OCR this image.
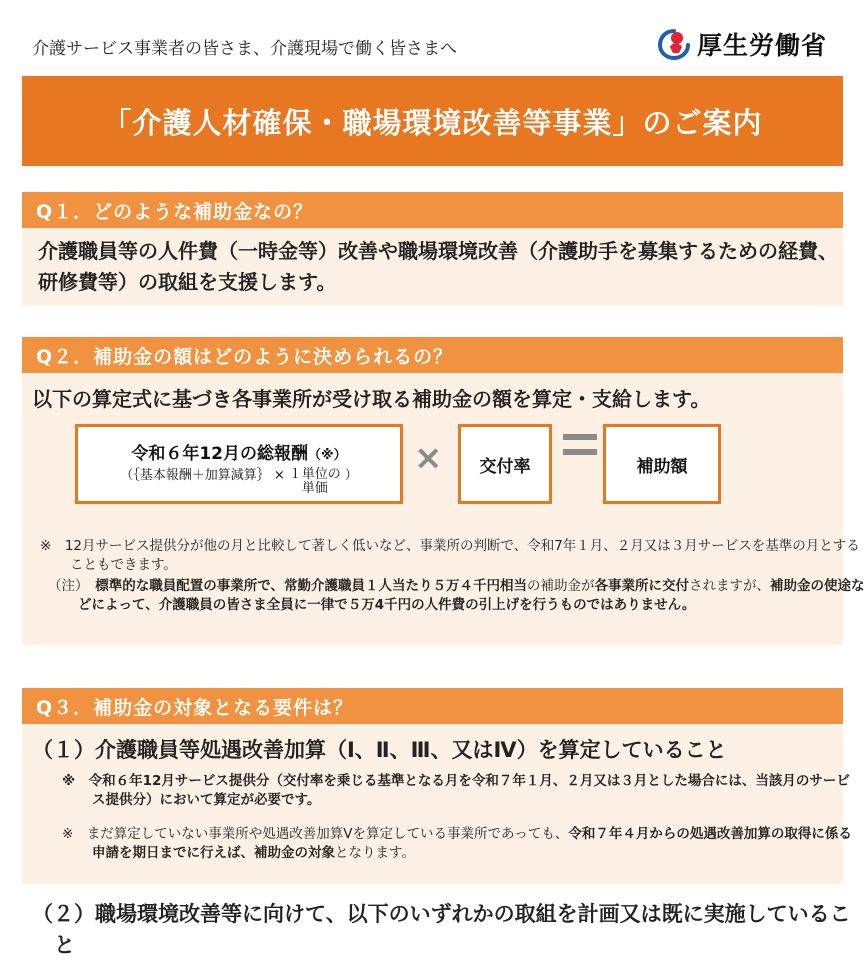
介護サービス事業者の皆さま、介護現場で働く皆さまへ	厚生労働省
「介護人材確保・職場環境改善等事業」のご案内
Q１．どのような補助金なの？
介護職員等の人件費（一時金等）改善や職場環境改善（介護助手を募集するための経費、研修費等）の取組を支援します。
Q２．補助金の額はどのように決められるの？
以下の算定式に基づき各事業所が受け取る補助金の額を算定・支給します。
令和６年12月の総報酬（※）
（｛基本報酬＋加算減算｝ × １単位の
単価
） × 交付率	補助額
※　 12月サービス提供分が他の月と比較して著しく低いなど、事業所の判断で、令和7年１月、２月又は３月サービスを基準の月とすることもできます。
（注）　 標準的な職員配置の事業所で、常勤介護職員１人当たり５万４千円相当の補助金が各事業所に交付されますが、補助金の使途などによって、介護職員の皆さま全員に一律で５万4千円の人件費の引上げを行うものではありません。
Q３．補助金の対象となる要件は？
（１）介護職員等処遇改善加算（Ⅰ、Ⅱ、Ⅲ、又はⅣ）を算定していること
※　令和６年12月サービス提供分（交付率を乗じる基準となる月を令和７年１月、２月又は３月とした場合には、当該月のサービス提供分）において算定が必要です。
※　まだ算定していない事業所や処遇改善加算Ⅴを算定している事業所であっても、令和７年４月からの処遇改善加算の取得に係る申請を期日までに行えば、補助金の対象となります。
（２）職場環境改善等に向けて、以下のいずれかの取組を計画又は既に実施していること
